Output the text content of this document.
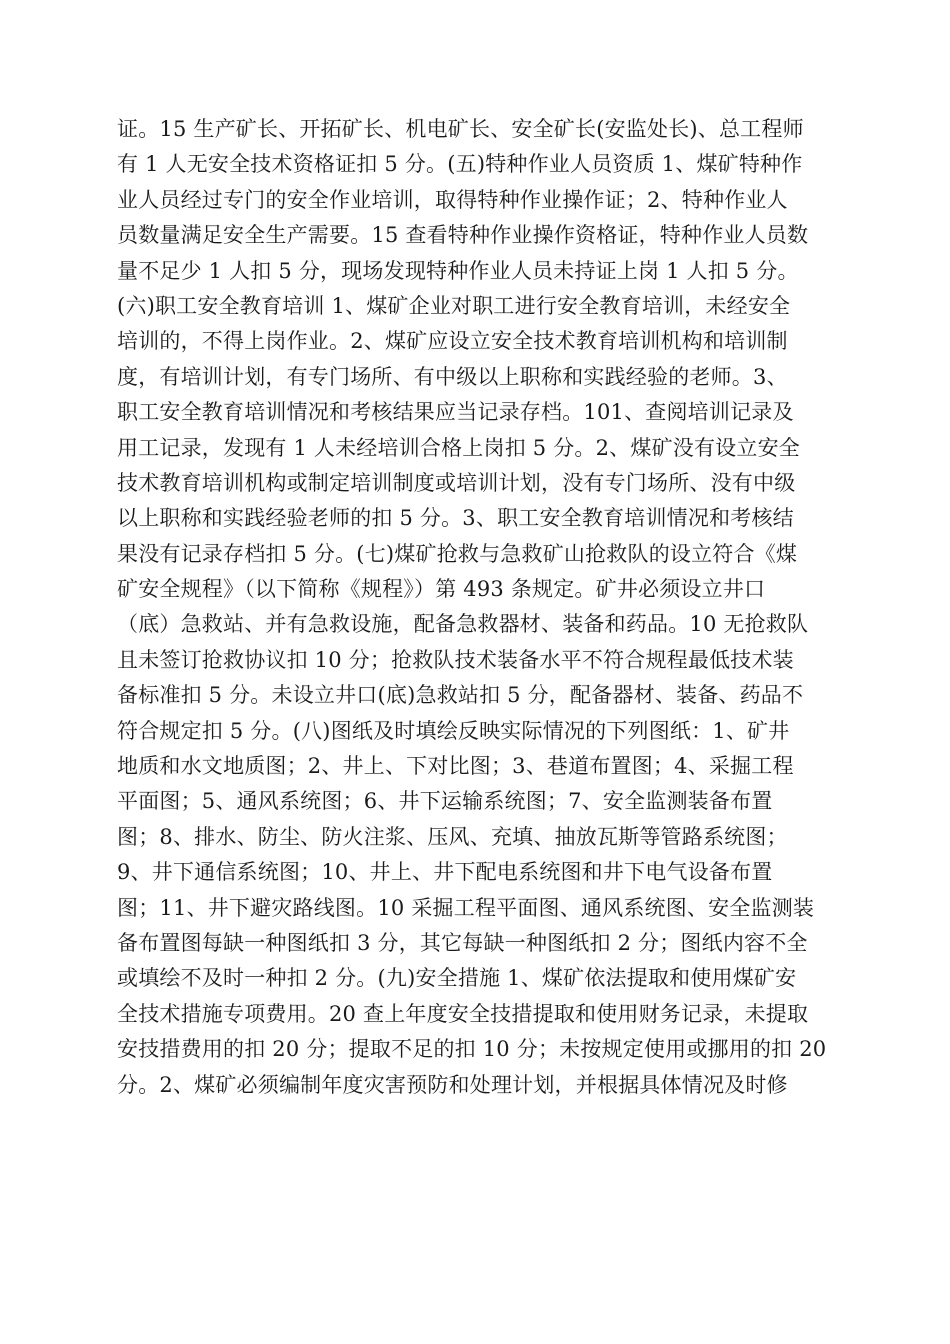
证。15 生产矿长、开拓矿长、机电矿长、安全矿长(安监处长)、总工程师
有 1 人无安全技术资格证扣 5 分。(五)特种作业人员资质 1、煤矿特种作
业人员经过专门的安全作业培训，取得特种作业操作证；2、特种作业人
员数量满足安全生产需要。15 查看特种作业操作资格证，特种作业人员数
量不足少 1 人扣 5 分，现场发现特种作业人员未持证上岗 1 人扣 5 分。
(六)职工安全教育培训 1、煤矿企业对职工进行安全教育培训，未经安全
培训的，不得上岗作业。2、煤矿应设立安全技术教育培训机构和培训制
度，有培训计划，有专门场所、有中级以上职称和实践经验的老师。3、
职工安全教育培训情况和考核结果应当记录存档。101、查阅培训记录及
用工记录，发现有 1 人未经培训合格上岗扣 5 分。2、煤矿没有设立安全
技术教育培训机构或制定培训制度或培训计划，没有专门场所、没有中级
以上职称和实践经验老师的扣 5 分。3、职工安全教育培训情况和考核结
果没有记录存档扣 5 分。(七)煤矿抢救与急救矿山抢救队的设立符合《煤
矿安全规程》（以下简称《规程》）第 493 条规定。矿井必须设立井口
（底）急救站、并有急救设施，配备急救器材、装备和药品。10 无抢救队
且未签订抢救协议扣 10 分；抢救队技术装备水平不符合规程最低技术装
备标准扣 5 分。未设立井口(底)急救站扣 5 分，配备器材、装备、药品不
符合规定扣 5 分。(八)图纸及时填绘反映实际情况的下列图纸：1、矿井
地质和水文地质图；2、井上、下对比图；3、巷道布置图；4、采掘工程
平面图；5、通风系统图；6、井下运输系统图；7、安全监测装备布置
图；8、排水、防尘、防火注浆、压风、充填、抽放瓦斯等管路系统图；
9、井下通信系统图；10、井上、井下配电系统图和井下电气设备布置
图；11、井下避灾路线图。10 采掘工程平面图、通风系统图、安全监测装
备布置图每缺一种图纸扣 3 分，其它每缺一种图纸扣 2 分；图纸内容不全
或填绘不及时一种扣 2 分。(九)安全措施 1、煤矿依法提取和使用煤矿安
全技术措施专项费用。20 查上年度安全技措提取和使用财务记录，未提取
安技措费用的扣 20 分；提取不足的扣 10 分；未按规定使用或挪用的扣 20
分。2、煤矿必须编制年度灾害预防和处理计划，并根据具体情况及时修
